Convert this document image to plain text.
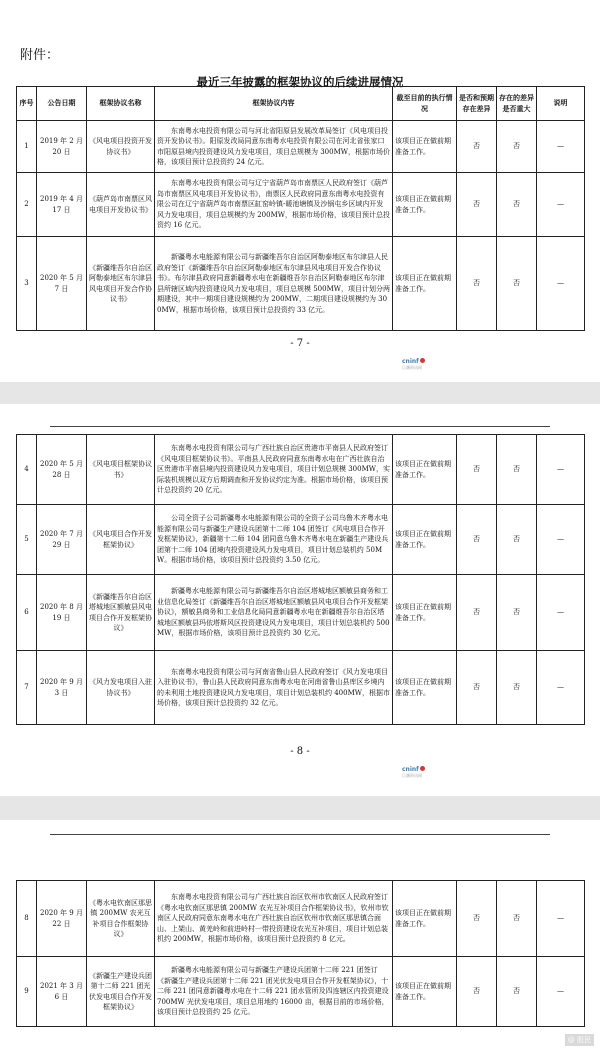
附件：
最近三年披露的框架协议的后续进展情况
序号	公告日期	框架协议名称	框架协议内容	截至目前的执行情况	是否和预期存在差异	存在的差异是否重大	说明
1	2019 年 2 月 20 日	《风电项目投资开发协议书》	东南粤水电投资有限公司与河北省阳原县发展改革局签订《风电项目投资开发协议书》。阳原发改局同意东南粤水电投资有限公司在河北省张家口市阳原县境内投资建设风力发电项目，项目总规模为 300MW，根据市场价格，该项目预计总投资约 24 亿元。	该项目正在做前期准备工作。	否	否	—
2	2019 年 4 月 17 日	《葫芦岛市南票区风电项目开发协议书》	东南粤水电投资有限公司与辽宁省葫芦岛市南票区人民政府签订《葫芦岛市南票区风电项目开发协议书》，南票区人民政府同意东南粤水电投资有限公司在辽宁省葫芦岛市南票区缸窑岭镇-暖池塘镇及沙锅屯乡区域内开发风力发电项目，项目总规模约为 200MW，根据市场价格，该项目预计总投资约 16 亿元。	该项目正在做前期准备工作。	否	否	—
3	2020 年 5 月 7 日	《新疆维吾尔自治区阿勒泰地区布尔津县风电项目开发合作协议书》	新疆粤水电能源有限公司与新疆维吾尔自治区阿勒泰地区布尔津县人民政府签订《新疆维吾尔自治区阿勒泰地区布尔津县风电项目开发合作协议书》。布尔津县政府同意新疆粤水电在新疆维吾尔自治区阿勒泰地区布尔津县所辖区域内投资建设风力发电项目，项目总规模 500MW，项目计划分两期建设，其中一期项目建设规模约为 200MW，二期项目建设规模约为 300MW，根据市场价格，该项目预计总投资约 33 亿元。	该项目正在做前期准备工作。	否	否	—
- 7 -
cninf
巨潮资讯网
4	2020 年 5 月 28 日	《风电项目框架协议书》	东南粤水电投资有限公司与广西壮族自治区贵港市平南县人民政府签订《风电项目框架协议书》。平南县人民政府同意东南粤水电在广西壮族自治区贵港市平南县境内投资建设风力发电项目，项目计划总规模 300MW，实际装机规模以双方后期调查和开发协议约定为准。根据市场价格，该项目预计总投资约 20 亿元。	该项目正在做前期准备工作。	否	否	—
5	2020 年 7 月 29 日	《风电项目合作开发框架协议》	公司全资子公司新疆粤水电能源有限公司的全资子公司乌鲁木齐粤水电能源有限公司与新疆生产建设兵团第十二师 104 团签订《风电项目合作开发框架协议》，新疆第十二师 104 团同意乌鲁木齐粤水电在新疆生产建设兵团第十二师 104 团境内投资建设风力发电项目，项目计划总装机约 50MW。根据市场价格，该项目预计总投资约 3.50 亿元。	该项目正在做前期准备工作。	否	否	—
6	2020 年 8 月 19 日	《新疆维吾尔自治区塔城地区额敏县风电项目合作开发框架协议》	新疆粤水电能源有限公司与新疆维吾尔自治区塔城地区额敏县商务和工业信息化局签订《新疆维吾尔自治区塔城地区额敏县风电项目合作开发框架协议》，额敏县商务和工业信息化局同意新疆粤水电在新疆维吾尔自治区塔城地区额敏县玛依塔斯风区投资建设风力发电项目，项目计划总装机约 500MW，根据市场价格，该项目预计总投资约 30 亿元。	该项目正在做前期准备工作。	否	否	—
7	2020 年 9 月 3 日	《风力发电项目入驻协议书》	东南粤水电投资有限公司与河南省鲁山县人民政府签订《风力发电项目入驻协议书》，鲁山县人民政府同意东南粤水电在河南省鲁山县库区乡境内的未利用土地投资建设风力发电项目，项目计划总装机约 400MW，根据市场价格，该项目预计总投资约 32 亿元。	该项目正在做前期准备工作。	否	否	—
- 8 -
cninf
巨潮资讯网
8	2020 年 9 月 22 日	《粤水电钦南区那思镇 200MW 农光互补项目合作框架协议》	东南粤水电投资有限公司与广西壮族自治区钦州市钦南区人民政府签订《粤水电钦南区那思镇 200MW 农光互补项目合作框架协议书》，钦州市钦南区人民政府同意东南粤水电在广西壮族自治区钦州市钦南区那思镇合面山、上架山、黄羌岭和前进岭村一带投资建设农光互补项目，项目计划总装机约 200MW，根据市场价格，该项目预计总投资约 8 亿元。	该项目正在做前期准备工作。	否	否	—
9	2021 年 3 月 6 日	《新疆生产建设兵团第十二师 221 团光伏发电项目合作开发框架协议》	新疆粤水电能源有限公司与新疆生产建设兵团第十二师 221 团签订《新疆生产建设兵团第十二师 221 团光伏发电项目合作开发框架协议》，十二师 221 团同意新疆粤水电在十二师 221 团水管所及四连辖区内投资建设 700MW 光伏发电项目，项目总用地约 16000 亩，根据目前的市场价格，该项目预计总投资约 25 亿元。	该项目正在做前期准备工作。	否	否	—
@ 股民
